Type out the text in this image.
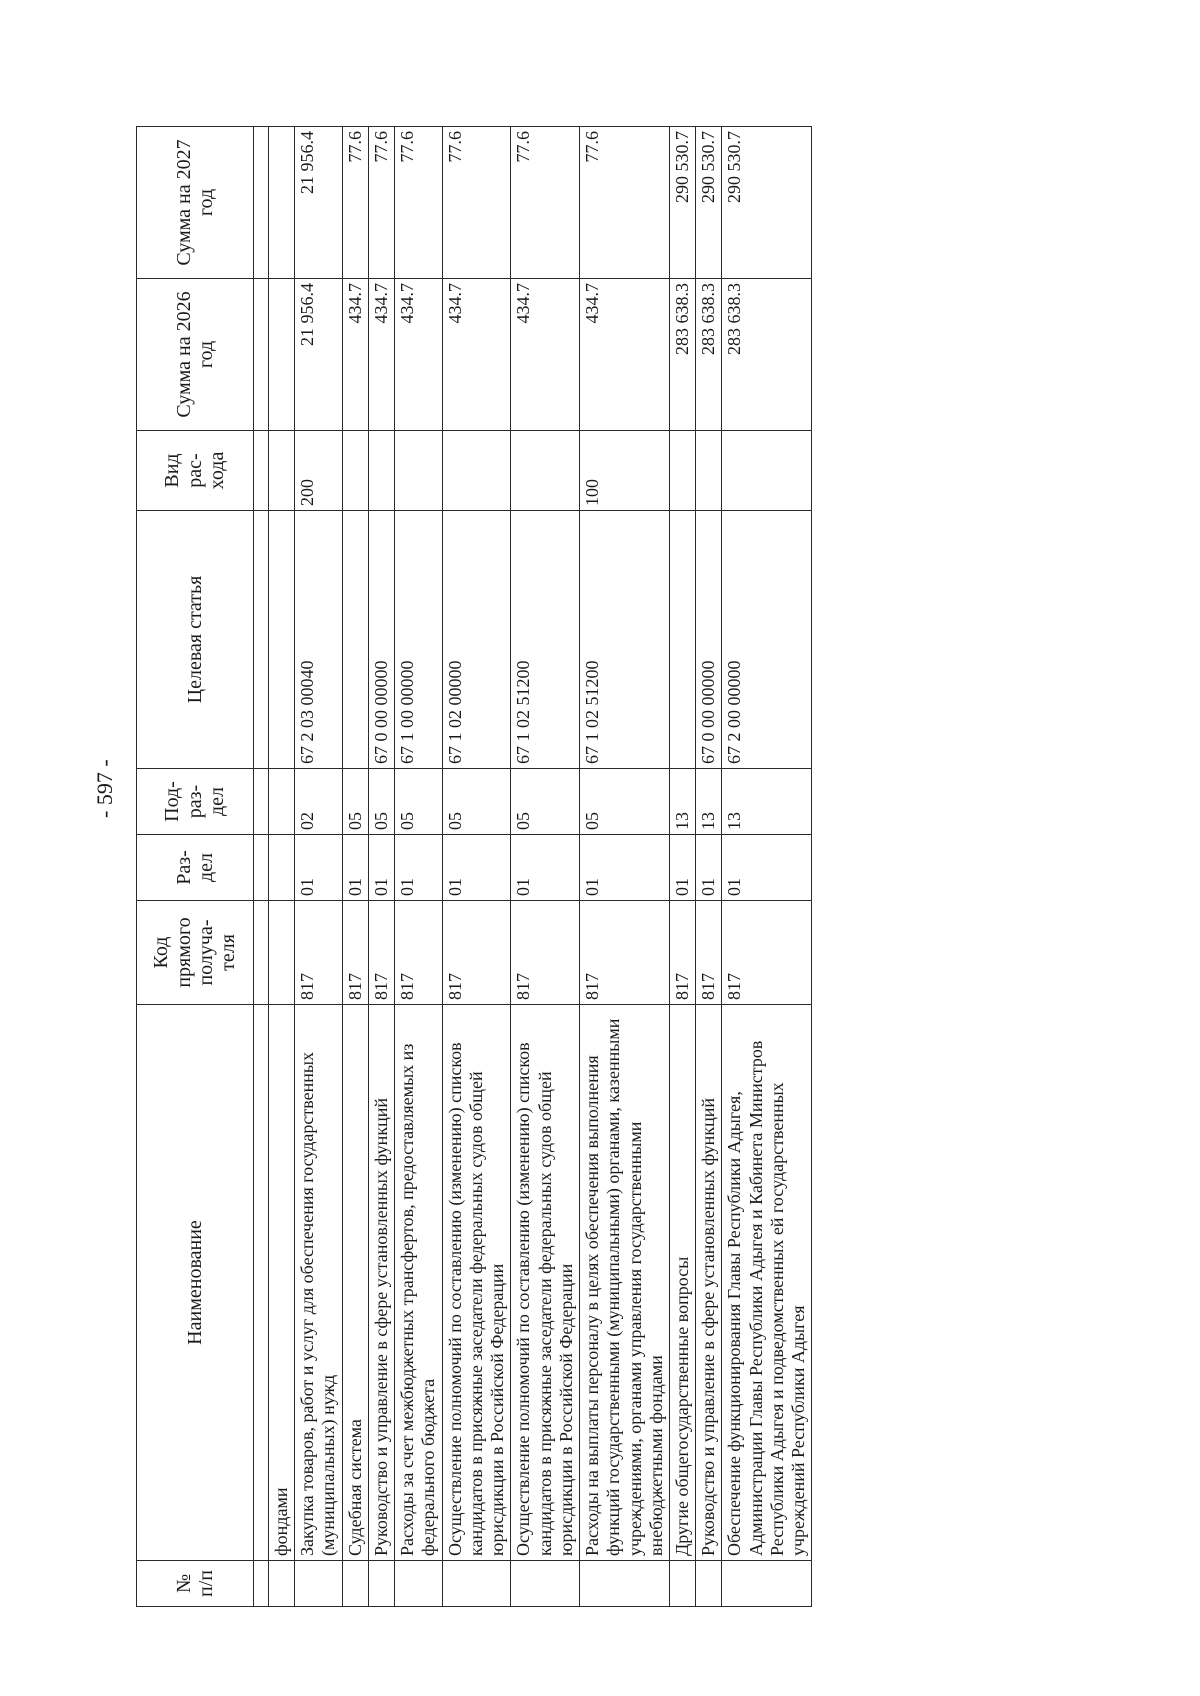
- 597 -
№ п/п	Наименование	Код прямого получа-теля	Раз-дел	Под-раз-дел	Целевая статья	Вид рас-хода	Сумма на 2026 год	Сумма на 2027 год

	фондами							
	Закупка товаров, работ и услуг для обеспечения государственных (муниципальных) нужд	817	01	02	67 2 03 00040	200	21 956.4	21 956.4
	Судебная система	817	01	05			434.7	77.6
	Руководство и управление в сфере установленных функций	817	01	05	67 0 00 00000		434.7	77.6
	Расходы за счет межбюджетных трансфертов, предоставляемых из федерального бюджета	817	01	05	67 1 00 00000		434.7	77.6
	Осуществление полномочий по составлению (изменению) списков кандидатов в присяжные заседатели федеральных судов общей юрисдикции в Российской Федерации	817	01	05	67 1 02 00000		434.7	77.6
	Осуществление полномочий по составлению (изменению) списков кандидатов в присяжные заседатели федеральных судов общей юрисдикции в Российской Федерации	817	01	05	67 1 02 51200		434.7	77.6
	Расходы на выплаты персоналу в целях обеспечения выполнения функций государственными (муниципальными) органами, казенными учреждениями, органами управления государственными внебюджетными фондами	817	01	05	67 1 02 51200	100	434.7	77.6
	Другие общегосударственные вопросы	817	01	13			283 638.3	290 530.7
	Руководство и управление в сфере установленных функций	817	01	13	67 0 00 00000		283 638.3	290 530.7
	Обеспечение функционирования Главы Республики Адыгея, Администрации Главы Республики Адыгея и Кабинета Министров Республики Адыгея и подведомственных ей государственных учреждений Республики Адыгея	817	01	13	67 2 00 00000		283 638.3	290 530.7
